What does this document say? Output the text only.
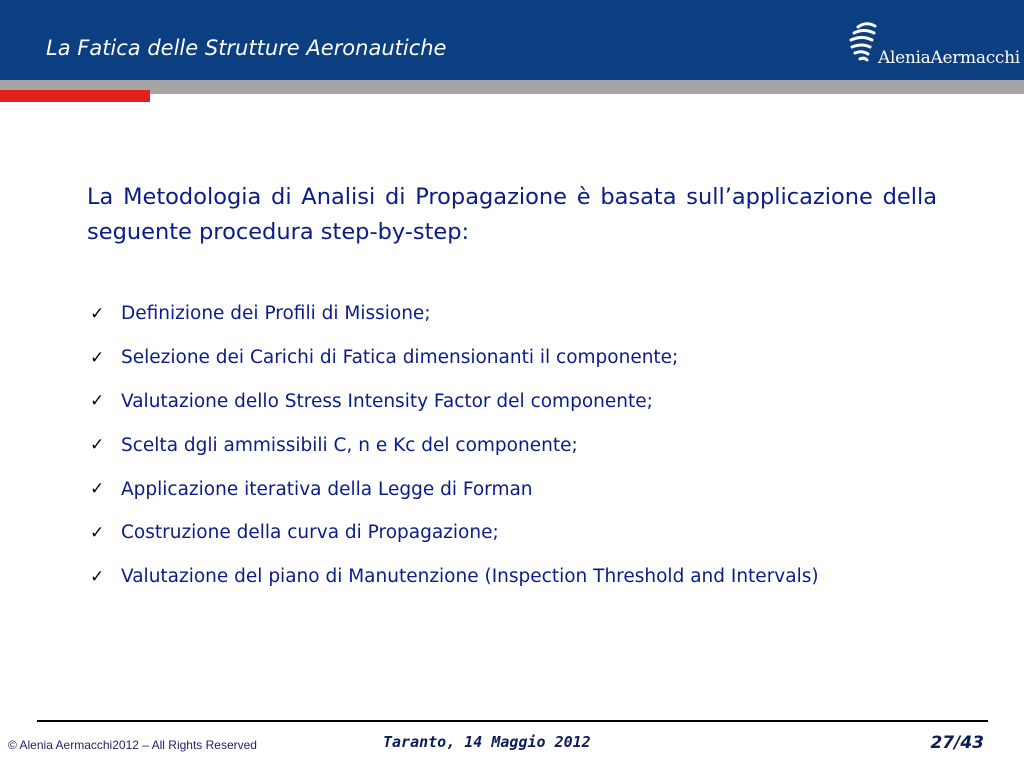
La Fatica delle Strutture Aeronautiche	AleniaAermacchi

La Metodologia di Analisi di Propagazione è basata sull’applicazione della seguente procedura step-by-step:

✓ Definizione dei Profili di Missione;
✓ Selezione dei Carichi di Fatica dimensionanti il componente;
✓ Valutazione dello Stress Intensity Factor del componente;
✓ Scelta dgli ammissibili C, n e Kc del componente;
✓ Applicazione iterativa della Legge di Forman
✓ Costruzione della curva di Propagazione;
✓ Valutazione del piano di Manutenzione (Inspection Threshold and Intervals)
© Alenia Aermacchi2012 – All Rights Reserved	Taranto, 14 Maggio 2012	27/43
